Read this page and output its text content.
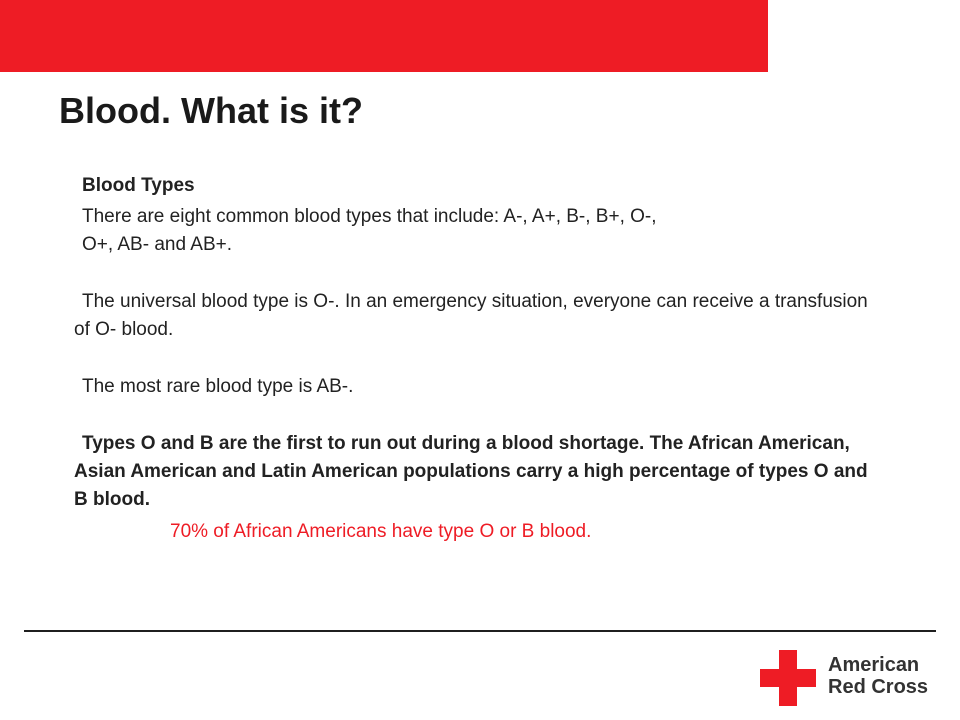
Blood. What is it?

Blood Types

There are eight common blood types that include: A-, A+, B-, B+, O-,
O+, AB- and AB+.

The universal blood type is O-. In an emergency situation, everyone can receive a transfusion of O- blood.

The most rare blood type is AB-.

Types O and B are the first to run out during a blood shortage. The African American, Asian American and Latin American populations carry a high percentage of types O and B blood.

70% of African Americans have type O or B blood.

American
Red Cross
